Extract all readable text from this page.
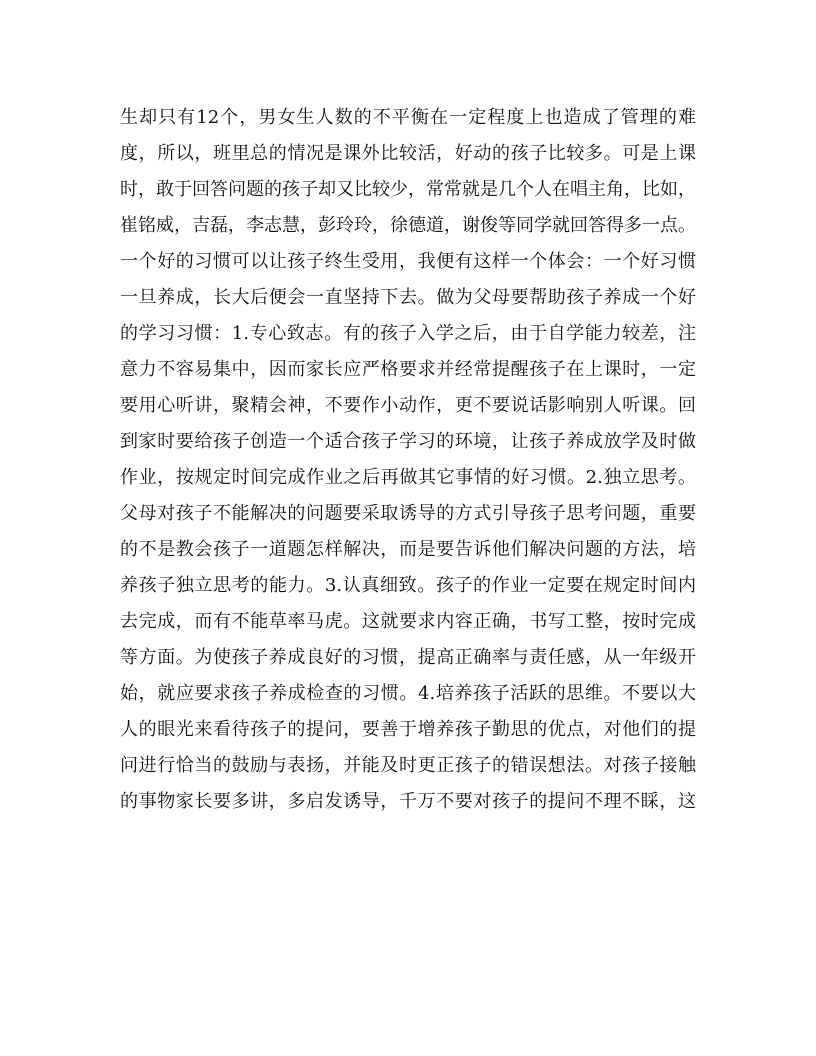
生却只有12个，男女生人数的不平衡在一定程度上也造成了管理的难
度，所以，班里总的情况是课外比较活，好动的孩子比较多。可是上课
时，敢于回答问题的孩子却又比较少，常常就是几个人在唱主角，比如，
崔铭威，吉磊，李志慧，彭玲玲，徐德道，谢俊等同学就回答得多一点。
一个好的习惯可以让孩子终生受用，我便有这样一个体会：一个好习惯
一旦养成，长大后便会一直坚持下去。做为父母要帮助孩子养成一个好
的学习习惯：1.专心致志。有的孩子入学之后，由于自学能力较差，注
意力不容易集中，因而家长应严格要求并经常提醒孩子在上课时，一定
要用心听讲，聚精会神，不要作小动作，更不要说话影响别人听课。回
到家时要给孩子创造一个适合孩子学习的环境，让孩子养成放学及时做
作业，按规定时间完成作业之后再做其它事情的好习惯。2.独立思考。
父母对孩子不能解决的问题要采取诱导的方式引导孩子思考问题，重要
的不是教会孩子一道题怎样解决，而是要告诉他们解决问题的方法，培
养孩子独立思考的能力。3.认真细致。孩子的作业一定要在规定时间内
去完成，而有不能草率马虎。这就要求内容正确，书写工整，按时完成
等方面。为使孩子养成良好的习惯，提高正确率与责任感，从一年级开
始，就应要求孩子养成检查的习惯。4.培养孩子活跃的思维。不要以大
人的眼光来看待孩子的提问，要善于增养孩子勤思的优点，对他们的提
问进行恰当的鼓励与表扬，并能及时更正孩子的错误想法。对孩子接触
的事物家长要多讲，多启发诱导，千万不要对孩子的提问不理不睬，这
